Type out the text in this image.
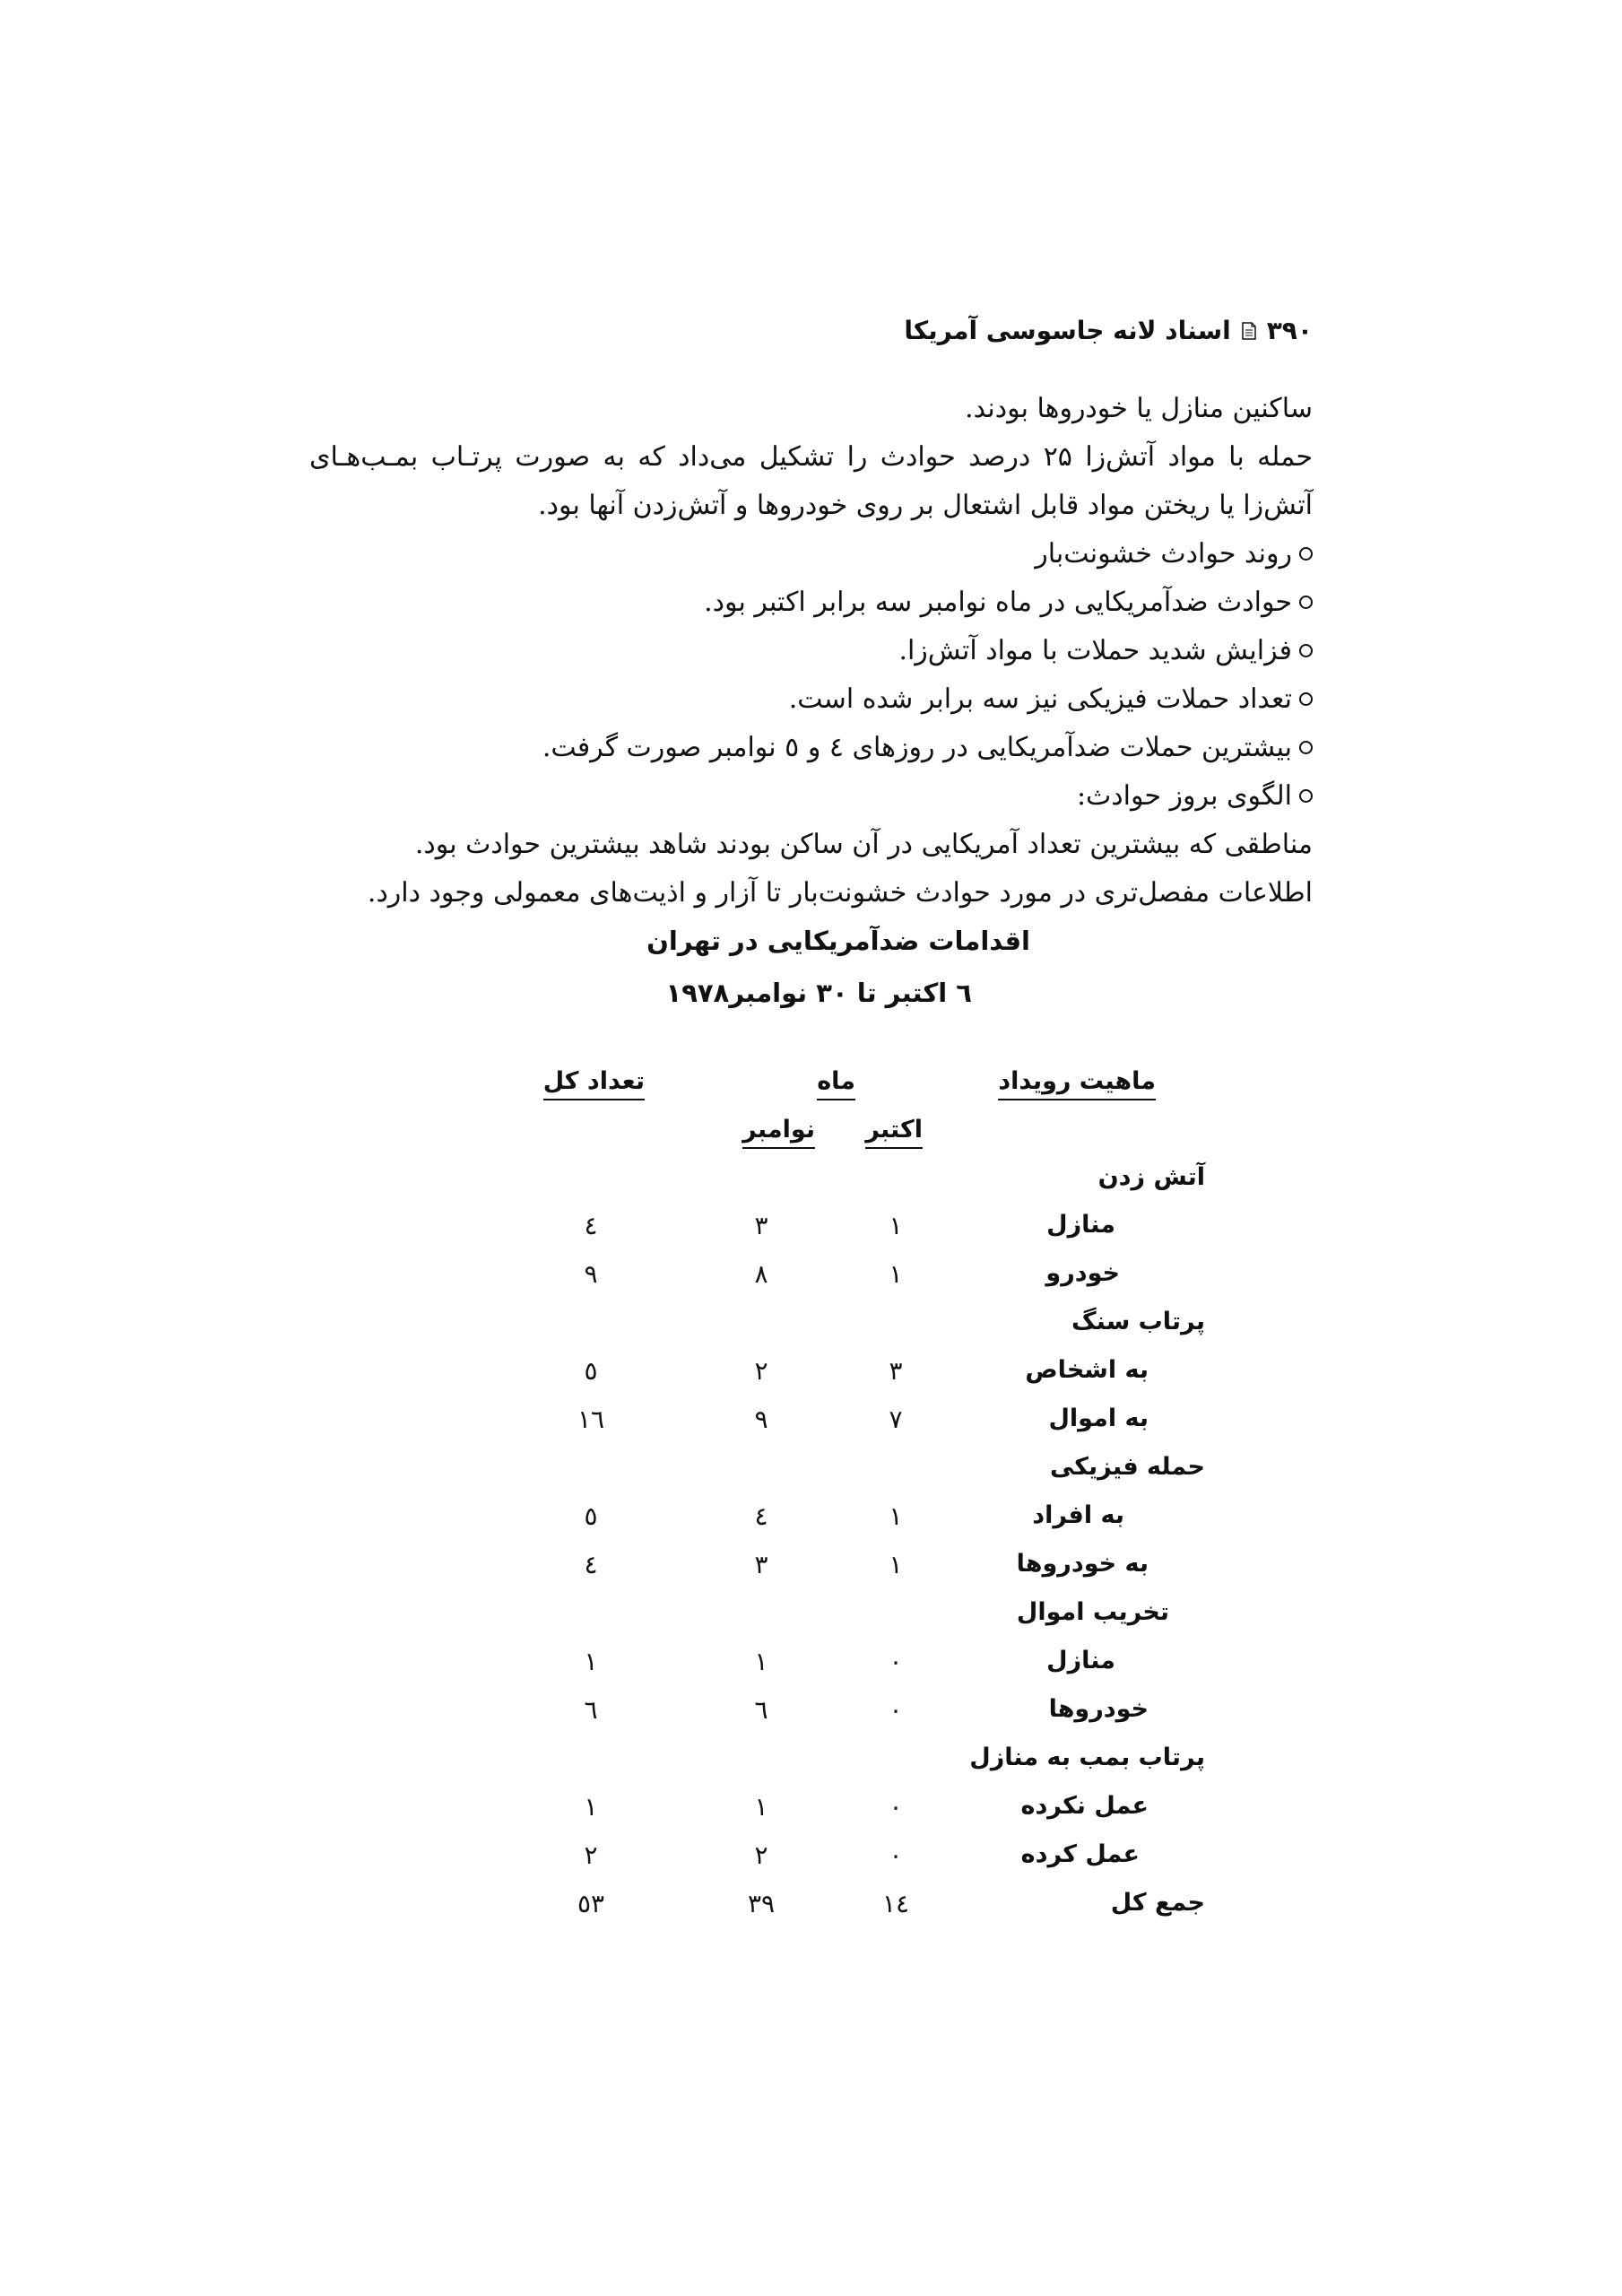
۳۹۰
اسناد لانه جاسوسی آمریکا
ساکنین منازل یا خودروها بودند.
حمله با مواد آتش‌زا ۲۵ درصد حوادث را تشکیل می‌داد که به صورت پرتـاب بمـب‌هـای
آتش‌زا یا ریختن مواد قابل اشتعال بر روی خودروها و آتش‌زدن آنها بود.
روند حوادث خشونت‌بار
حوادث ضدآمریکایی در ماه نوامبر سه برابر اکتبر بود.
فزایش شدید حملات با مواد آتش‌زا.
تعداد حملات فیزیکی نیز سه برابر شده است.
بیشترین حملات ضدآمریکایی در روزهای ٤ و ٥ نوامبر صورت گرفت.
الگوی بروز حوادث:
مناطقی که بیشترین تعداد آمریکایی در آن ساکن بودند شاهد بیشترین حوادث بود.
اطلاعات مفصل‌تری در مورد حوادث خشونت‌بار تا آزار و اذیت‌های معمولی وجود دارد.
اقدامات ضدآمریکایی در تهران
٦ اکتبر تا ۳۰ نوامبر۱۹۷۸
ماهیت رویداد
ماه
تعداد کل
اکتبر
نوامبر
آتش زدن
منازل
١
٣
٤
خودرو
١
٨
٩
پرتاب سنگ
به اشخاص
٣
٢
٥
به اموال
٧
٩
١٦
حمله فیزیکی
به افراد
١
٤
٥
به خودروها
١
٣
٤
تخریب اموال
منازل
٠
١
١
خودروها
٠
٦
٦
پرتاب بمب به منازل
عمل نکرده
٠
١
١
عمل کرده
٠
٢
٢
جمع کل
١٤
٣٩
٥٣
